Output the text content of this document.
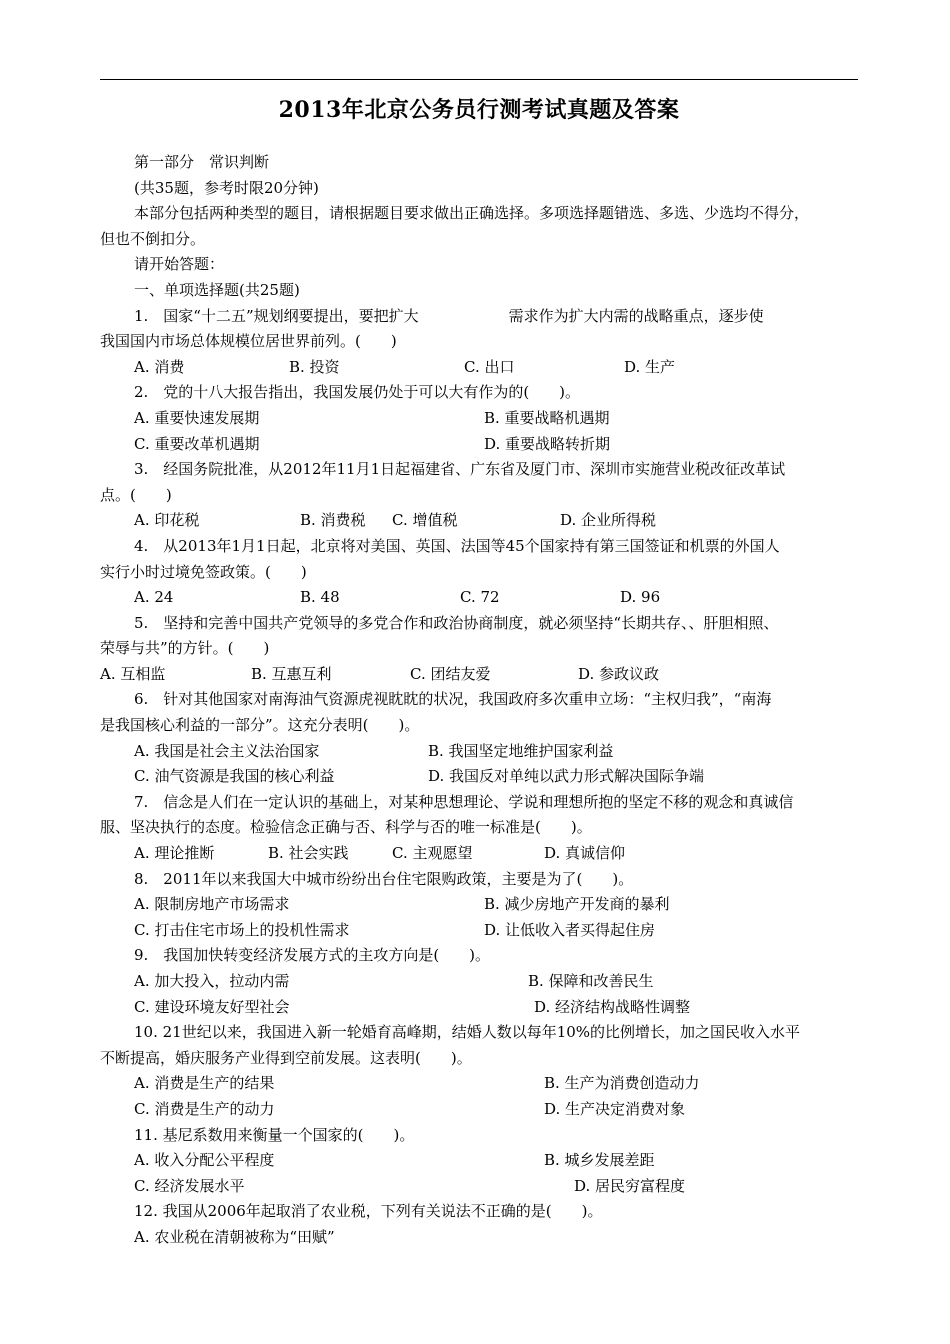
2013年北京公务员行测考试真题及答案
第一部分　常识判断
(共35题，参考时限20分钟)
本部分包括两种类型的题目，请根据题目要求做出正确选择。多项选择题错选、多选、少选均不得分，
但也不倒扣分。
请开始答题：
一、单项选择题(共25题)
1.　国家“十二五”规划纲要提出，要把扩大　　　　　　需求作为扩大内需的战略重点，逐步使
我国国内市场总体规模位居世界前列。(　　)
A. 消费	B. 投资	C. 出口	D. 生产
2.　党的十八大报告指出，我国发展仍处于可以大有作为的(　　)。
A. 重要快速发展期	B. 重要战略机遇期
C. 重要改革机遇期	D. 重要战略转折期
3.　经国务院批准，从2012年11月1日起福建省、广东省及厦门市、深圳市实施营业税改征改革试
点。(　　)
A. 印花税	B. 消费税 C. 增值税	D. 企业所得税
4.　从2013年1月1日起，北京将对美国、英国、法国等45个国家持有第三国签证和机票的外国人
实行小时过境免签政策。(　　)
A. 24	B. 48	C. 72	D. 96
5.　坚持和完善中国共产党领导的多党合作和政治协商制度，就必须坚持“长期共存、、肝胆相照、
荣辱与共”的方针。(　　)
A. 互相监	B. 互惠互利	C. 团结友爱	D. 参政议政
6.　针对其他国家对南海油气资源虎视眈眈的状况，我国政府多次重申立场：“主权归我”，“南海
是我国核心利益的一部分”。这充分表明(　　)。
A. 我国是社会主义法治国家	B. 我国坚定地维护国家利益
C. 油气资源是我国的核心利益	D. 我国反对单纯以武力形式解决国际争端
7.　信念是人们在一定认识的基础上，对某种思想理论、学说和理想所抱的坚定不移的观念和真诚信
服、坚决执行的态度。检验信念正确与否、科学与否的唯一标准是(　　)。
A. 理论推断	B. 社会实践	C. 主观愿望	D. 真诚信仰
8.　2011年以来我国大中城市纷纷出台住宅限购政策，主要是为了(　　)。
A. 限制房地产市场需求	B. 减少房地产开发商的暴利
C. 打击住宅市场上的投机性需求	D. 让低收入者买得起住房
9.　我国加快转变经济发展方式的主攻方向是(　　)。
A. 加大投入，拉动内需	B. 保障和改善民生
C. 建设环境友好型社会	D. 经济结构战略性调整
10. 21世纪以来，我国进入新一轮婚育高峰期，结婚人数以每年10%的比例增长，加之国民收入水平
不断提高，婚庆服务产业得到空前发展。这表明(　　)。
A. 消费是生产的结果	B. 生产为消费创造动力
C. 消费是生产的动力	D. 生产决定消费对象
11. 基尼系数用来衡量一个国家的(　　)。
A. 收入分配公平程度	B. 城乡发展差距
C. 经济发展水平	D. 居民穷富程度
12. 我国从2006年起取消了农业税，下列有关说法不正确的是(　　)。
A. 农业税在清朝被称为“田赋”
